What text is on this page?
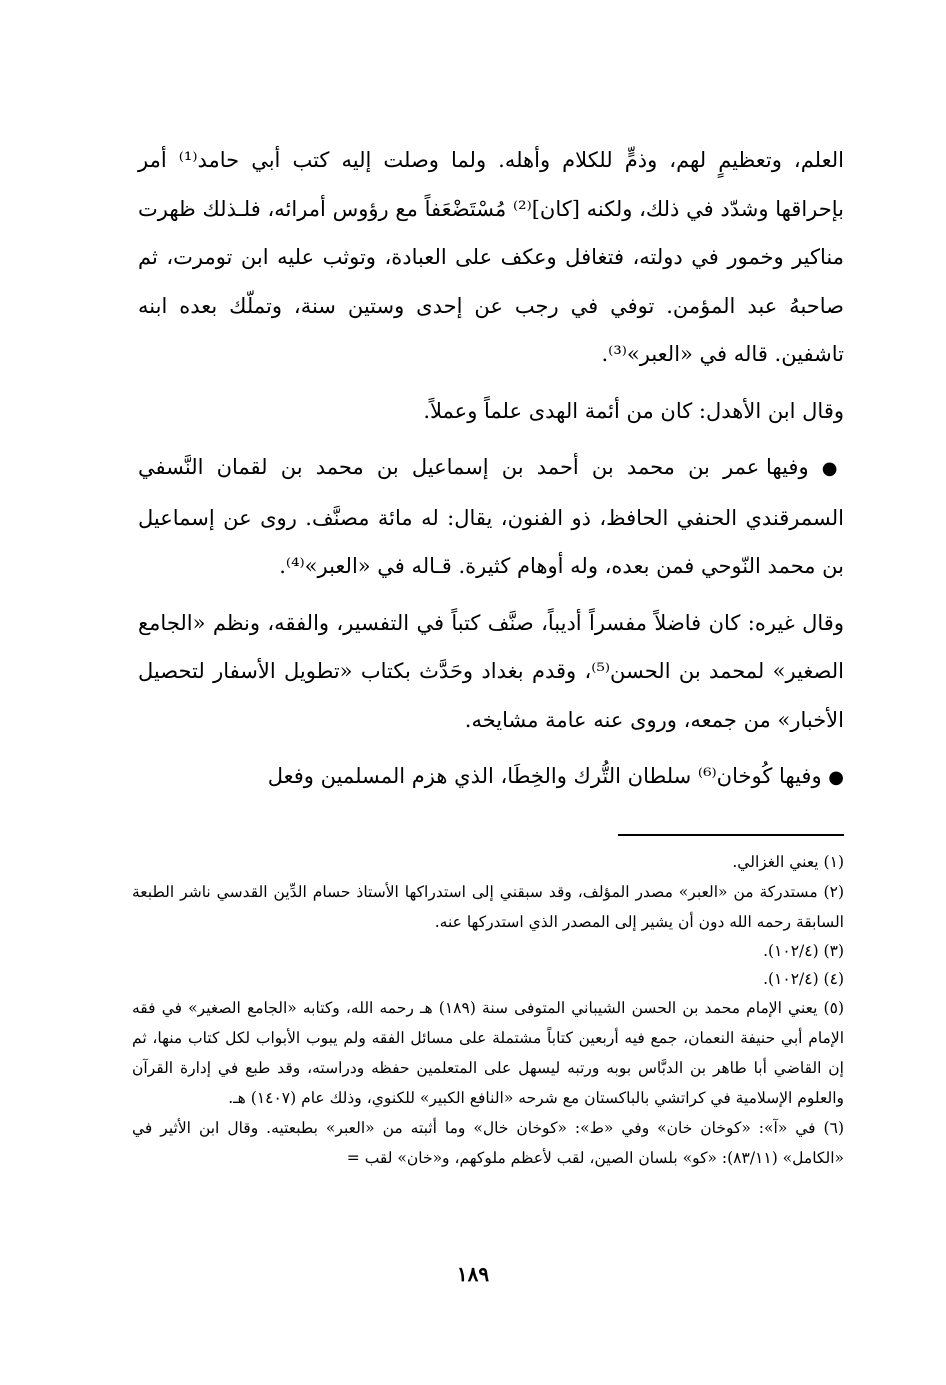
العلم، وتعظيمٍ لهم، وذمٍّ للكلام وأهله. ولما وصلت إليه كتب أبي حامد⁽¹⁾ أمر بإحراقها وشدّد في ذلك، ولكنه [كان]⁽²⁾ مُسْتَضْعَفاً مع رؤوس أمرائه، فلـذلك ظهرت مناكير وخمور في دولته، فتغافل وعكف على العبادة، وتوثب عليه ابن تومرت، ثم صاحبهُ عبد المؤمن. توفي في رجب عن إحدى وستين سنة، وتملّك بعده ابنه تاشفين. قاله في «العبر»⁽³⁾.

وقال ابن الأهدل: كان من أئمة الهدى علماً وعملاً.

● وفيها عمر بن محمد بن أحمد بن إسماعيل بن محمد بن لقمان النَّسفي السمرقندي الحنفي الحافظ، ذو الفنون، يقال: له مائة مصنَّف. روى عن إسماعيل بن محمد النّوحي فمن بعده، وله أوهام كثيرة. قـاله في «العبر»⁽⁴⁾.

وقال غيره: كان فاضلاً مفسراً أديباً، صنَّف كتباً في التفسير، والفقه، ونظم «الجامع الصغير» لمحمد بن الحسن⁽⁵⁾، وقدم بغداد وحَدَّث بكتاب «تطويل الأسفار لتحصيل الأخبار» من جمعه، وروى عنه عامة مشايخه.

● وفيها كُوخان⁽⁶⁾ سلطان التُّرك والخِطَا، الذي هزم المسلمين وفعل

(١) يعني الغزالي.

(٢) مستدركة من «العبر» مصدر المؤلف، وقد سبقني إلى استدراكها الأستاذ حسام الدِّين القدسي ناشر الطبعة السابقة رحمه الله دون أن يشير إلى المصدر الذي استدركها عنه.

(٣) (١٠٢/٤).

(٤) (١٠٢/٤).

(٥) يعني الإمام محمد بن الحسن الشيباني المتوفى سنة (١٨٩) هـ رحمه الله، وكتابه «الجامع الصغير» في فقه الإمام أبي حنيفة النعمان، جمع فيه أربعين كتاباً مشتملة على مسائل الفقه ولم يبوب الأبواب لكل كتاب منها، ثم إن القاضي أبا طاهر بن الدبَّاس بوبه ورتبه ليسهل على المتعلمين حفظه ودراسته، وقد طبع في إدارة القرآن والعلوم الإسلامية في كراتشي بالباكستان مع شرحه «النافع الكبير» للكنوي، وذلك عام (١٤٠٧) هـ.

(٦) في «آ»: «كوخان خان» وفي «ط»: «كوخان خال» وما أثبته من «العبر» بطبعتيه. وقال ابن الأثير في «الكامل» (٨٣/١١): «كو» بلسان الصين، لقب لأعظم ملوكهم، و«خان» لقب =

١٨٩
